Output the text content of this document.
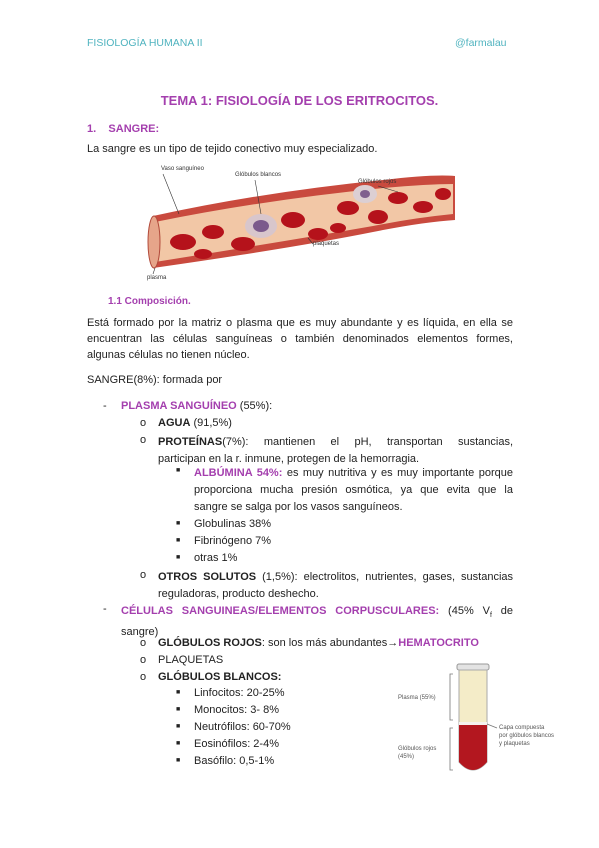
FISIOLOGÍA HUMANA II	@farmalau
TEMA 1: FISIOLOGÍA DE LOS ERITROCITOS.
1. SANGRE:
La sangre es un tipo de tejido conectivo muy especializado.
Vaso sanguíneo
Glóbulos blancos
Glóbulos rojos
plaquetas
plasma
1.1 Composición.
Está formado por la matriz o plasma que es muy abundante y es líquida, en ella se
encuentran las células sanguíneas o también denominados elementos formes,
algunas células no tienen núcleo.
SANGRE(8%): formada por
- PLASMA SANGUÍNEO (55%):
o AGUA (91,5%)
o PROTEÍNAS(7%): mantienen el pH, transportan sustancias,
participan en la r. inmune, protegen de la hemorragia.
■ ALBÚMINA 54%: es muy nutritiva y es muy importante porque
proporciona mucha presión osmótica, ya que evita que la
sangre se salga por los vasos sanguíneos.
■ Globulinas 38%
■ Fibrinógeno 7%
■ otras 1%
o OTROS SOLUTOS (1,5%): electrolitos, nutrientes, gases, sustancias
reguladoras, producto deshecho.
- CÉLULAS SANGUINEAS/ELEMENTOS CORPUSCULARES: (45% $V_f$ de
sangre)
o GLÓBULOS ROJOS: son los más abundantes→HEMATOCRITO
o PLAQUETAS
o GLÓBULOS BLANCOS:
■ Linfocitos: 20-25%
■ Monocitos: 3- 8%
■ Neutrófilos: 60-70%
■ Eosinófilos: 2-4%
■ Basófilo: 0,5-1%
Plasma (55%)
Capa compuesta
por glóbulos blancos
y plaquetas
Glóbulos rojos
(45%)
